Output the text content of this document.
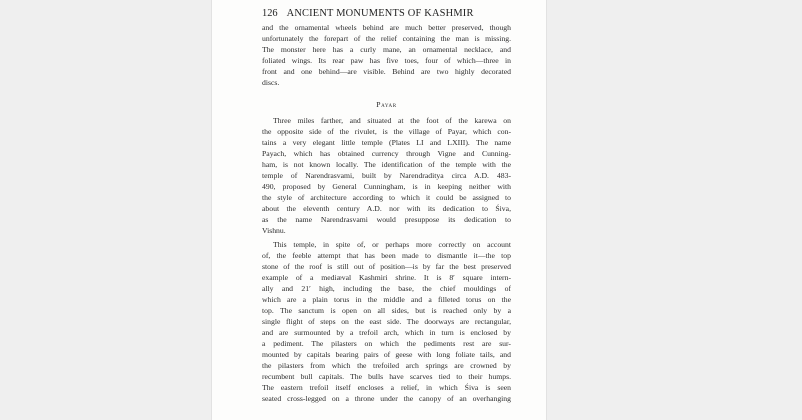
126 ANCIENT MONUMENTS OF KASHMIR
and the ornamental wheels behind are much better preserved, though
unfortunately the forepart of the relief containing the man is missing.
The monster here has a curly mane, an ornamental necklace, and
foliated wings. Its rear paw has five toes, four of which—three in
front and one behind—are visible. Behind are two highly decorated
discs.
Payar
Three miles farther, and situated at the foot of the karewa on
the opposite side of the rivulet, is the village of Payar, which con-
tains a very elegant little temple (Plates LI and LXIII). The name
Payach, which has obtained currency through Vigne and Cunning-
ham, is not known locally. The identification of the temple with the
temple of Narendrasvami, built by Narendraditya circa A.D. 483-
490, proposed by General Cunningham, is in keeping neither with
the style of architecture according to which it could be assigned to
about the eleventh century A.D. nor with its dedication to Śiva,
as the name Narendrasvami would presuppose its dedication to
Vishnu.
This temple, in spite of, or perhaps more correctly on account
of, the feeble attempt that has been made to dismantle it—the top
stone of the roof is still out of position—is by far the best preserved
example of a mediæval Kashmiri shrine. It is 8′ square intern-
ally and 21′ high, including the base, the chief mouldings of
which are a plain torus in the middle and a filleted torus on the
top. The sanctum is open on all sides, but is reached only by a
single flight of steps on the east side. The doorways are rectangular,
and are surmounted by a trefoil arch, which in turn is enclosed by
a pediment. The pilasters on which the pediments rest are sur-
mounted by capitals bearing pairs of geese with long foliate tails, and
the pilasters from which the trefoiled arch springs are crowned by
recumbent bull capitals. The bulls have scarves tied to their humps.
The eastern trefoil itself encloses a relief, in which Śiva is seen
seated cross-legged on a throne under the canopy of an overhanging
